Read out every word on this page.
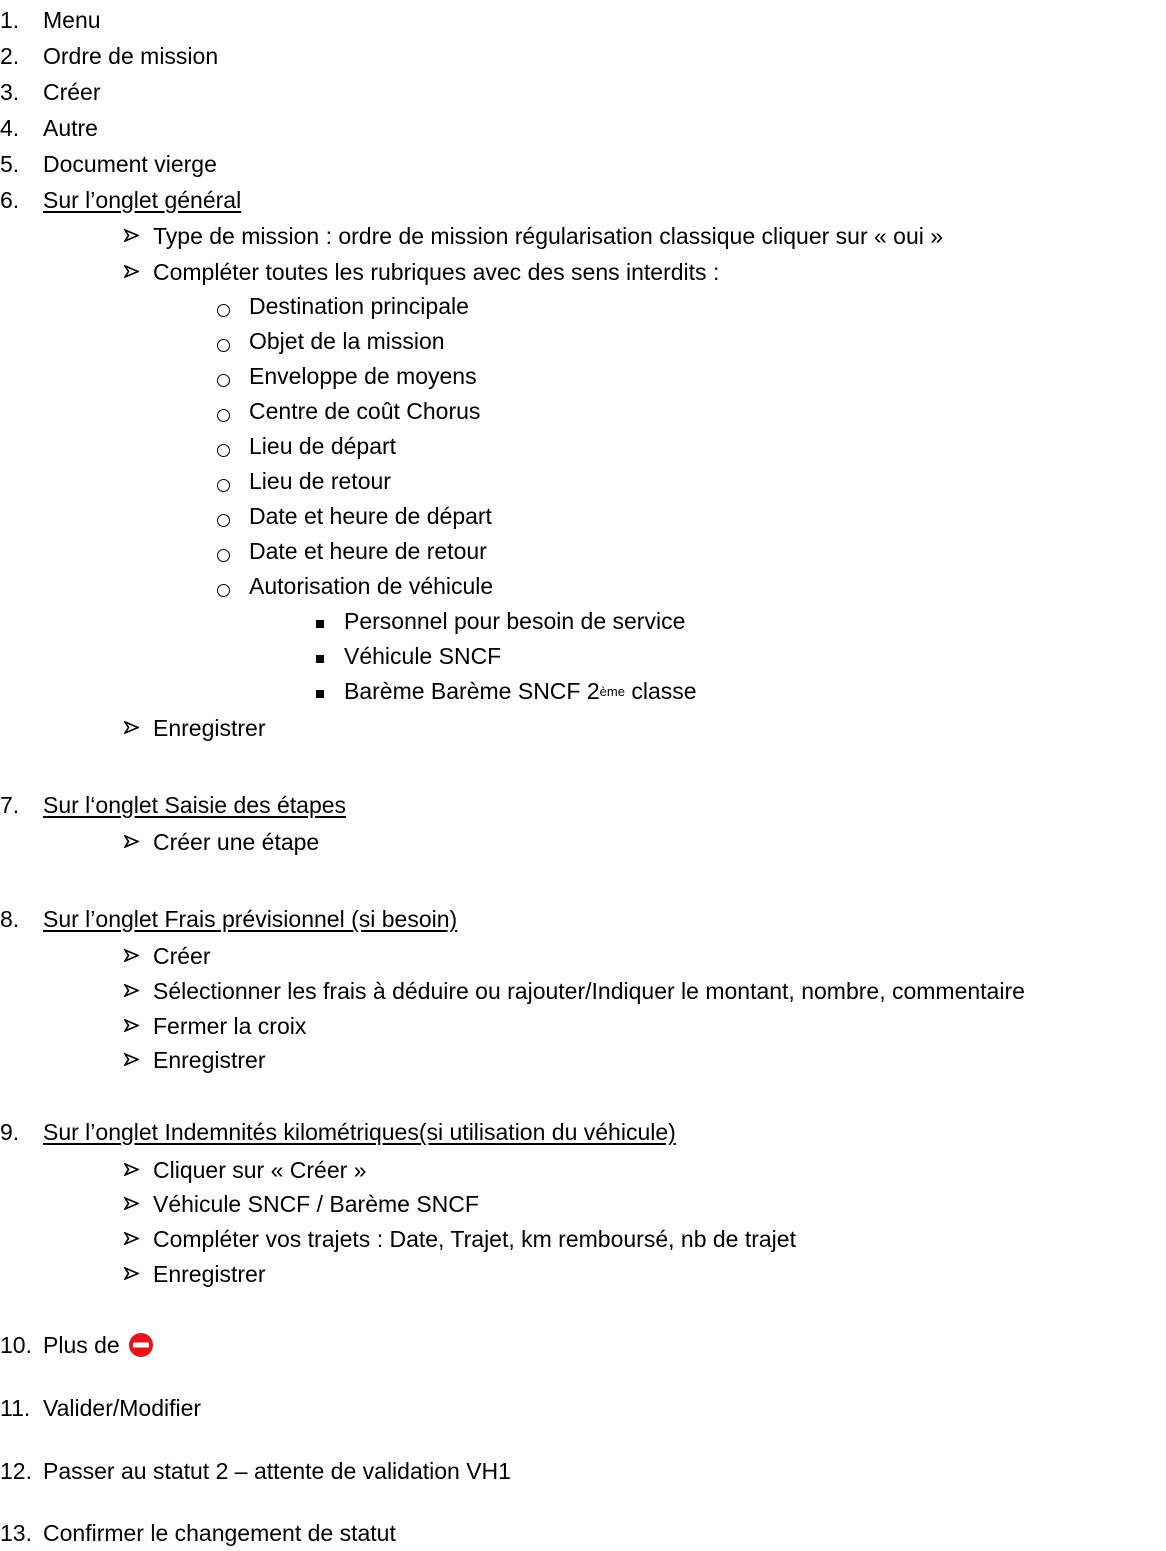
1. Menu
2. Ordre de mission
3. Créer
4. Autre
5. Document vierge
6. Sur l’onglet général
Type de mission : ordre de mission régularisation classique cliquer sur « oui »
Compléter toutes les rubriques avec des sens interdits :
Destination principale
Objet de la mission
Enveloppe de moyens
Centre de coût Chorus
Lieu de départ
Lieu de retour
Date et heure de départ
Date et heure de retour
Autorisation de véhicule
Personnel pour besoin de service
Véhicule SNCF
Barème Barème SNCF 2ème classe
Enregistrer
7. Sur l‘onglet Saisie des étapes
Créer une étape
8. Sur l’onglet Frais prévisionnel (si besoin)
Créer
Sélectionner les frais à déduire ou rajouter/Indiquer le montant, nombre, commentaire
Fermer la croix
Enregistrer
9. Sur l’onglet Indemnités kilométriques(si utilisation du véhicule)
Cliquer sur « Créer »
Véhicule SNCF / Barème SNCF
Compléter vos trajets : Date, Trajet, km remboursé, nb de trajet
Enregistrer
10. Plus de
11. Valider/Modifier
12. Passer au statut 2 – attente de validation VH1
13. Confirmer le changement de statut
